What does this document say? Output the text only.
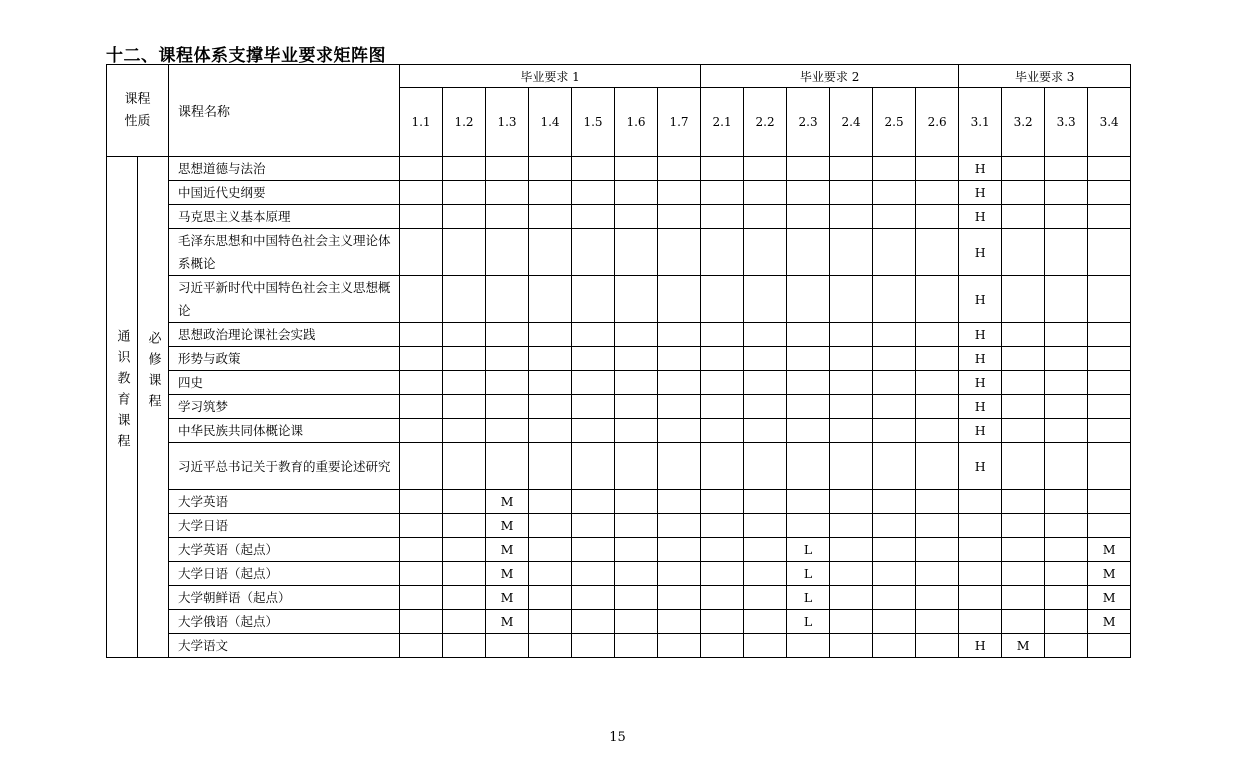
十二、课程体系支撑毕业要求矩阵图
课程性质		课程名称	毕业要求 1							毕业要求 2						毕业要求 3			
			1.1	1.2	1.3	1.4	1.5	1.6	1.7	2.1	2.2	2.3	2.4	2.5	2.6	3.1	3.2	3.3	3.4

通识教育课程	必修课程	思想道德与法治														H			
		中国近代史纲要														H			
		马克思主义基本原理														H			
		毛泽东思想和中国特色社会主义理论体系概论														H			
		习近平新时代中国特色社会主义思想概论														H			
		思想政治理论课社会实践														H			
		形势与政策														H			
		四史														H			
		学习筑梦														H			
		中华民族共同体概论课														H			
		习近平总书记关于教育的重要论述研究														H			
		大学英语			M														
		大学日语			M														
		大学英语（起点）			M							L							M
		大学日语（起点）			M							L							M
		大学朝鲜语（起点）			M							L							M
		大学俄语（起点）			M							L							M
		大学语文														H	M		
15
